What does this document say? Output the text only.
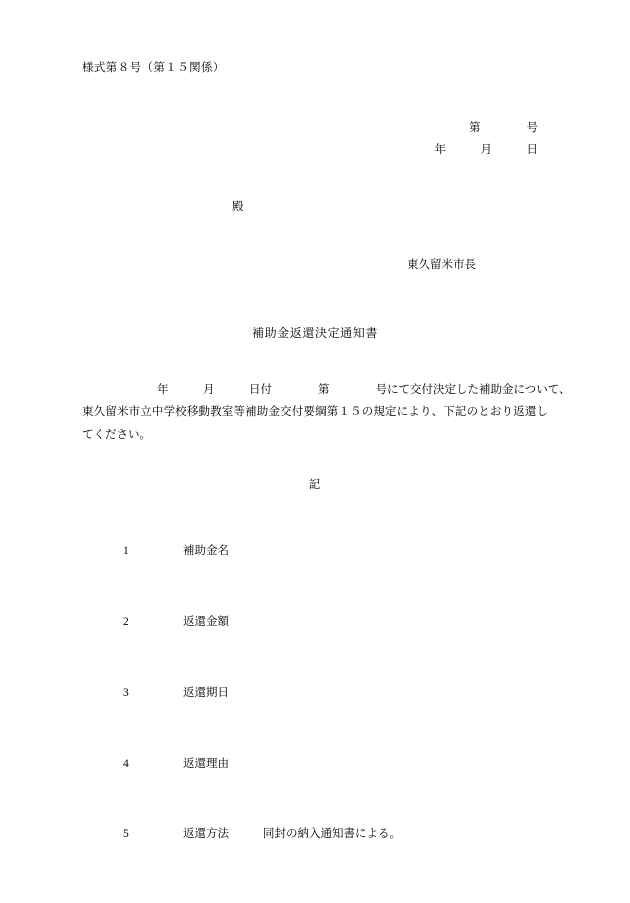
様式第８号（第１５関係）
第　　　　号
年　　　月　　　日
殿
東久留米市長
補助金返還決定通知書
年　　　月　　　日付　　　　第　　　　号にて交付決定した補助金について、東久留米市立中学校移動教室等補助金交付要綱第１５の規定により、下記のとおり返還してください。
記

1	補助金名

2	返還金額

3	返還期日

4	返還理由

5	返還方法	同封の納入通知書による。
